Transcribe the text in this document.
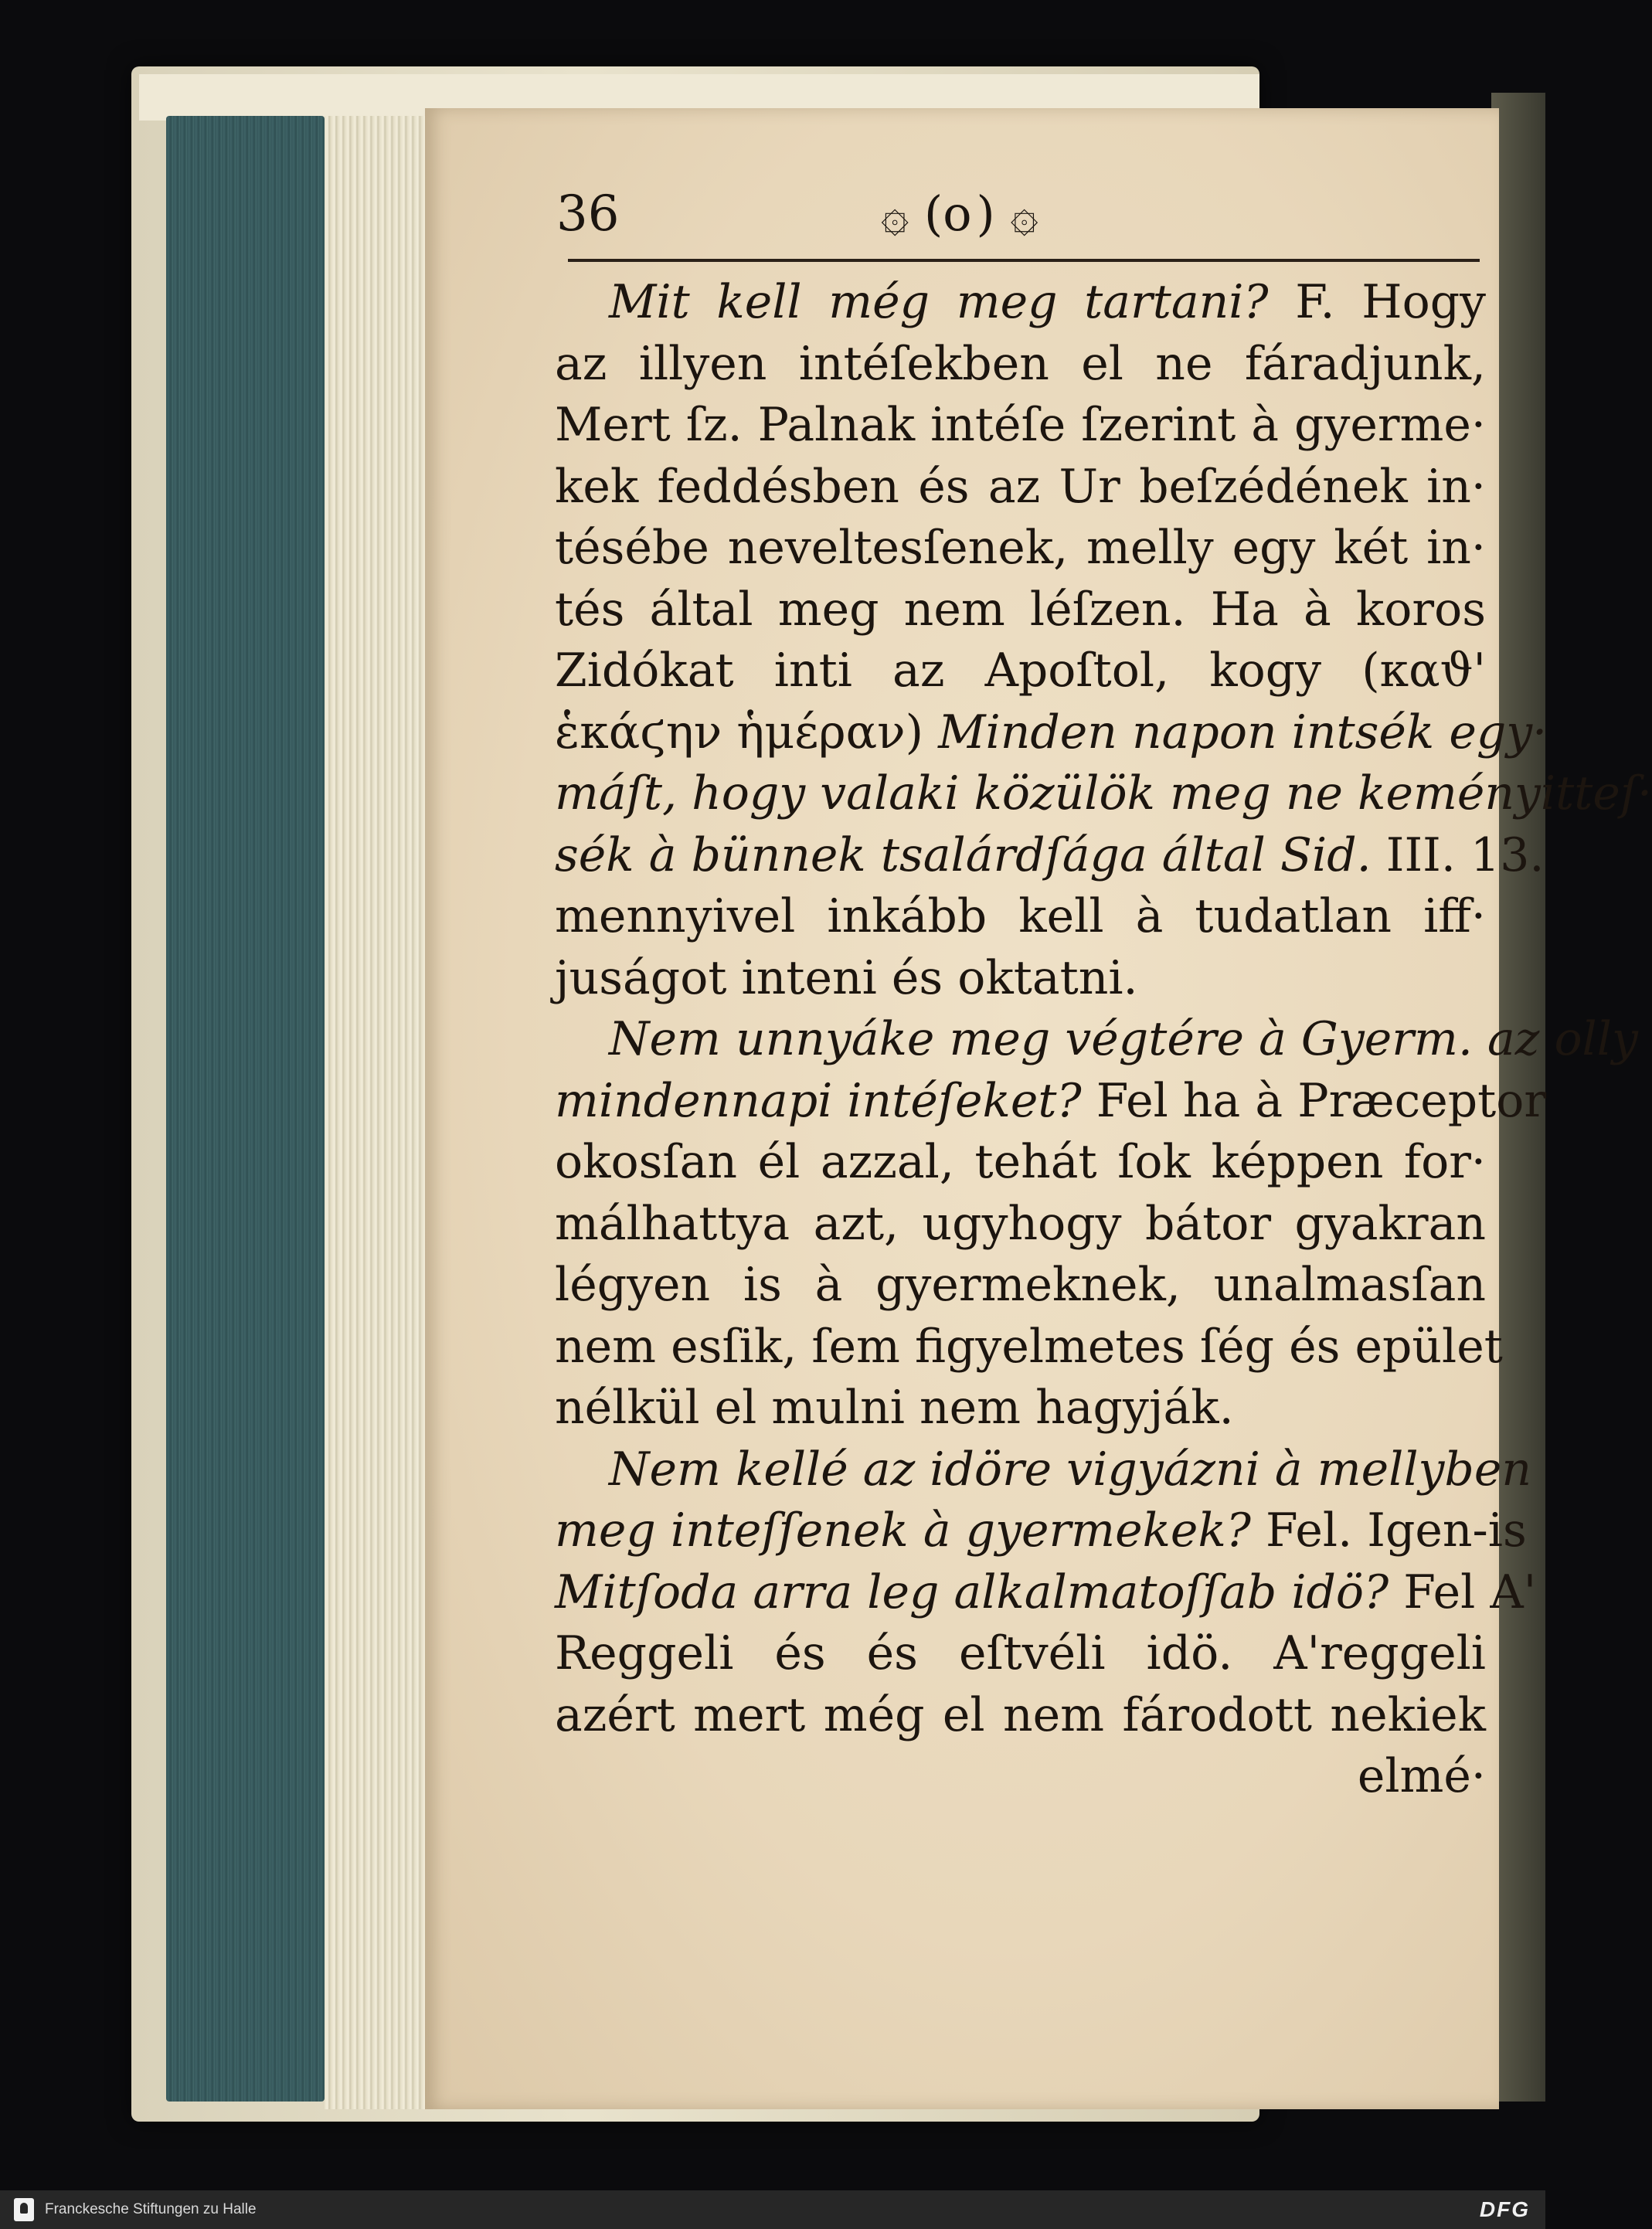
36	۞ (o) ۞
Mit kell még meg tartani? F. Hogy
az illyen intéſekben el ne fáradjunk,
Mert ſz. Palnak intéſe ſzerint à gyerme·
kek feddésben és az Ur beſzédének in·
tésébe neveltesſenek, melly egy két in·
tés által meg nem léſzen. Ha à koros
Zidókat inti az Apoſtol, kogy (καϑ'
ἑκάϛην ἡμέραν) Minden napon intsék egy·
máſt, hogy valaki közülök meg ne keményitteſ·
sék à bünnek tsalárdſága által Sid. III. 13.
mennyivel inkább kell à tudatlan iff·
juságot inteni és oktatni.
Nem unnyáke meg végtére à Gyerm. az olly
mindennapi intéſeket? Fel ha à Præceptor
okosſan él azzal, tehát ſok képpen for·
málhattya azt, ugyhogy bátor gyakran
légyen is à gyermeknek, unalmasſan
nem esſik, ſem figyelmetes ſég és epület
nélkül el mulni nem hagyják.
Nem kellé az idöre vigyázni à mellyben
meg inteſſenek à gyermekek? Fel. Igen-is
Mitſoda arra leg alkalmatoſſab idö? Fel A'
Reggeli és és eſtvéli idö. A'reggeli
azért mert még el nem fárodott nekiek
elmé·
Franckesche Stiftungen zu Halle	DFG
